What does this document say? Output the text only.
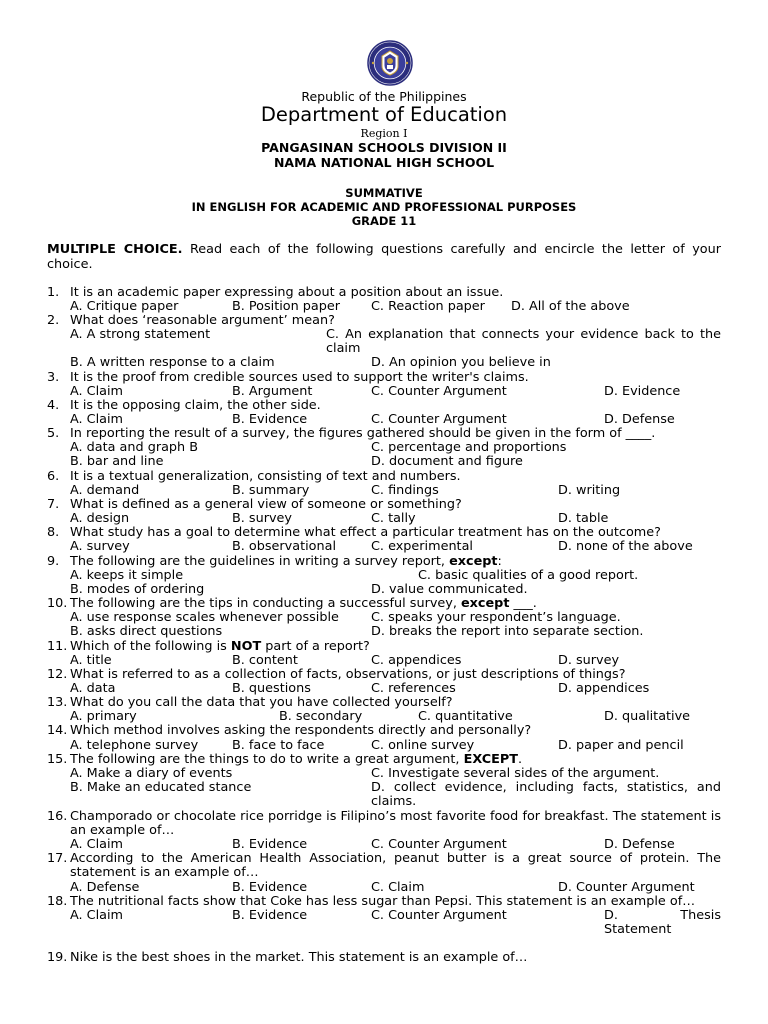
Republic of the Philippines
Department of Education
Region I
PANGASINAN SCHOOLS DIVISION II
NAMA NATIONAL HIGH SCHOOL
SUMMATIVE
IN ENGLISH FOR ACADEMIC AND PROFESSIONAL PURPOSES
GRADE 11
MULTIPLE CHOICE. Read each of the following questions carefully and encircle the letter of your choice.
1. It is an academic paper expressing about a position about an issue.
A. Critique paper	B. Position paper C. Reaction paper D. All of the above
2. What does ‘reasonable argument’ mean?
A. A strong statement	C. An explanation that connects your evidence back to the claim
B. A written response to a claim	D. An opinion you believe in
3. It is the proof from credible sources used to support the writer's claims.
A. Claim	B. Argument	C. Counter Argument	D. Evidence
4. It is the opposing claim, the other side.
A. Claim	B. Evidence	C. Counter Argument	D. Defense
5. In reporting the result of a survey, the figures gathered should be given in the form of ____.
A. data and graph B	C. percentage and proportions
B. bar and line	D. document and figure
6. It is a textual generalization, consisting of text and numbers.
A. demand	B. summary	C. findings	D. writing
7. What is defined as a general view of someone or something?
A. design	B. survey	C. tally	D. table
8. What study has a goal to determine what effect a particular treatment has on the outcome?
A. survey	B. observational	C. experimental	D. none of the above
9. The following are the guidelines in writing a survey report, except:
A. keeps it simple	C. basic qualities of a good report.
B. modes of ordering	D. value communicated.
10. The following are the tips in conducting a successful survey, except ___.
A. use response scales whenever possible	C. speaks your respondent’s language.
B. asks direct questions	D. breaks the report into separate section.
11. Which of the following is NOT part of a report?
A. title	B. content	C. appendices	D. survey
12. What is referred to as a collection of facts, observations, or just descriptions of things?
A. data	B. questions	C. references	D. appendices
13. What do you call the data that you have collected yourself?
A. primary	B. secondary	C. quantitative	D. qualitative
14. Which method involves asking the respondents directly and personally?
A. telephone survey	B. face to face	C. online survey	D. paper and pencil
15. The following are the things to do to write a great argument, EXCEPT.
A. Make a diary of events	C. Investigate several sides of the argument.
B. Make an educated stance	D. collect evidence, including facts, statistics, and claims.
16. Champorado or chocolate rice porridge is Filipino’s most favorite food for breakfast. The statement is an example of…
A. Claim	B. Evidence	C. Counter Argument	D. Defense
17. According to the American Health Association, peanut butter is a great source of protein. The statement is an example of…
A. Defense	B. Evidence	C. Claim	D. Counter Argument
18. The nutritional facts show that Coke has less sugar than Pepsi. This statement is an example of…
A. Claim	B. Evidence	C. Counter Argument	D. Thesis Statement
19. Nike is the best shoes in the market. This statement is an example of…
